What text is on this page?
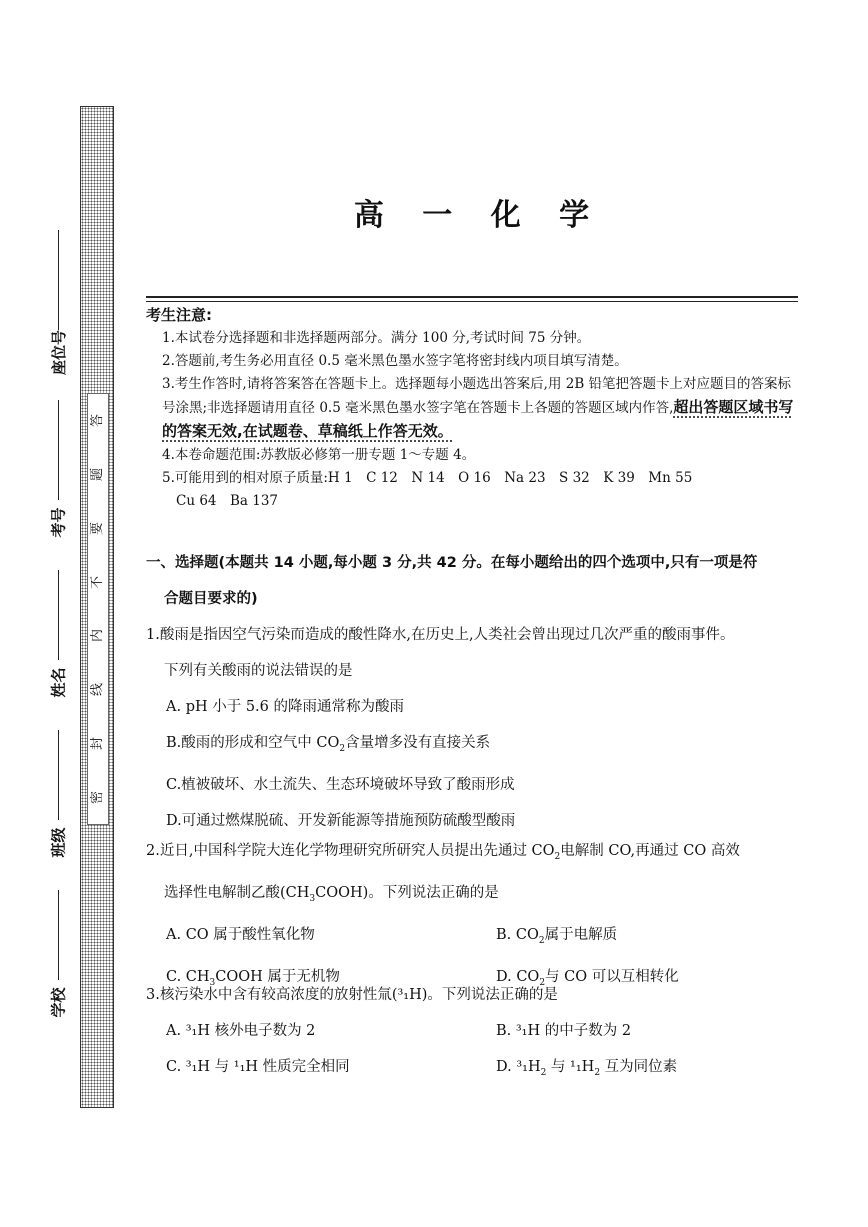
答
题
要
不
内
线
封
密
座位号
考号
姓名
班级
学校
高 一 化 学
考生注意:
1.本试卷分选择题和非选择题两部分。满分 100 分,考试时间 75 分钟。
2.答题前,考生务必用直径 0.5 毫米黑色墨水签字笔将密封线内项目填写清楚。
3.考生作答时,请将答案答在答题卡上。选择题每小题选出答案后,用 2B 铅笔把答题卡上对应题目的答案标号涂黑;非选择题请用直径 0.5 毫米黑色墨水签字笔在答题卡上各题的答题区域内作答,超出答题区域书写的答案无效,在试题卷、草稿纸上作答无效。
4.本卷命题范围:苏教版必修第一册专题 1～专题 4。
5.可能用到的相对原子质量:H 1　C 12　N 14　O 16　Na 23　S 32　K 39　Mn 55
Cu 64　Ba 137
一、选择题(本题共 14 小题,每小题 3 分,共 42 分。在每小题给出的四个选项中,只有一项是符
合题目要求的)
1.酸雨是指因空气污染而造成的酸性降水,在历史上,人类社会曾出现过几次严重的酸雨事件。
下列有关酸雨的说法错误的是
A. pH 小于 5.6 的降雨通常称为酸雨
B.酸雨的形成和空气中 $CO_2$含量增多没有直接关系
C.植被破坏、水土流失、生态环境破坏导致了酸雨形成
D.可通过燃煤脱硫、开发新能源等措施预防硫酸型酸雨
2.近日,中国科学院大连化学物理研究所研究人员提出先通过 $CO_2$电解制 CO,再通过 CO 高效
选择性电解制乙酸$(CH_3COOH)$。下列说法正确的是
A. CO 属于酸性氧化物	B. $CO_2$属于电解质
C. $CH_3COOH$ 属于无机物	D. $CO_2$与 CO 可以互相转化
3.核污染水中含有较高浓度的放射性氚(³₁H)。下列说法正确的是
A. ³₁H 核外电子数为 2	B. ³₁H 的中子数为 2
C. ³₁H 与 ¹₁H 性质完全相同	D. $^3_1H_2$ 与 $^1_1H_2$ 互为同位素
